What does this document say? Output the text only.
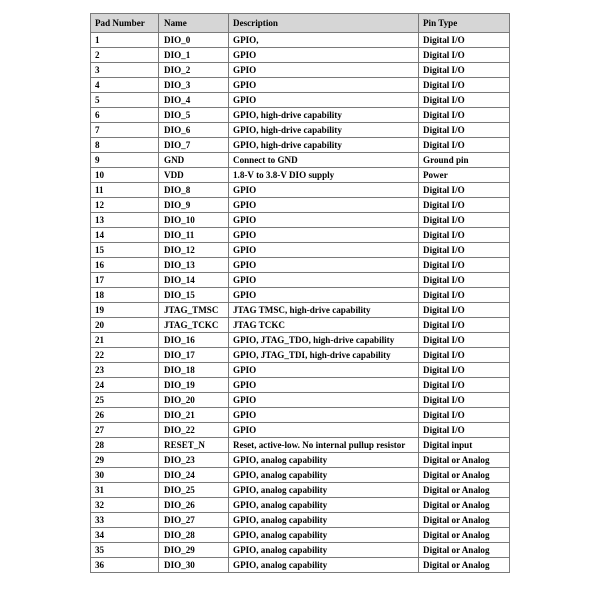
Pad Number	Name	Description	Pin Type
1	DIO_0	GPIO,	Digital I/O
2	DIO_1	GPIO	Digital I/O
3	DIO_2	GPIO	Digital I/O
4	DIO_3	GPIO	Digital I/O
5	DIO_4	GPIO	Digital I/O
6	DIO_5	GPIO, high-drive capability	Digital I/O
7	DIO_6	GPIO, high-drive capability	Digital I/O
8	DIO_7	GPIO, high-drive capability	Digital I/O
9	GND	Connect to GND	Ground pin
10	VDD	1.8-V to 3.8-V DIO supply	Power
11	DIO_8	GPIO	Digital I/O
12	DIO_9	GPIO	Digital I/O
13	DIO_10	GPIO	Digital I/O
14	DIO_11	GPIO	Digital I/O
15	DIO_12	GPIO	Digital I/O
16	DIO_13	GPIO	Digital I/O
17	DIO_14	GPIO	Digital I/O
18	DIO_15	GPIO	Digital I/O
19	JTAG_TMSC	JTAG TMSC, high-drive capability	Digital I/O
20	JTAG_TCKC	JTAG TCKC	Digital I/O
21	DIO_16	GPIO, JTAG_TDO, high-drive capability	Digital I/O
22	DIO_17	GPIO, JTAG_TDI, high-drive capability	Digital I/O
23	DIO_18	GPIO	Digital I/O
24	DIO_19	GPIO	Digital I/O
25	DIO_20	GPIO	Digital I/O
26	DIO_21	GPIO	Digital I/O
27	DIO_22	GPIO	Digital I/O
28	RESET_N	Reset, active-low. No internal pullup resistor	Digital input
29	DIO_23	GPIO, analog capability	Digital or Analog
30	DIO_24	GPIO, analog capability	Digital or Analog
31	DIO_25	GPIO, analog capability	Digital or Analog
32	DIO_26	GPIO, analog capability	Digital or Analog
33	DIO_27	GPIO, analog capability	Digital or Analog
34	DIO_28	GPIO, analog capability	Digital or Analog
35	DIO_29	GPIO, analog capability	Digital or Analog
36	DIO_30	GPIO, analog capability	Digital or Analog
